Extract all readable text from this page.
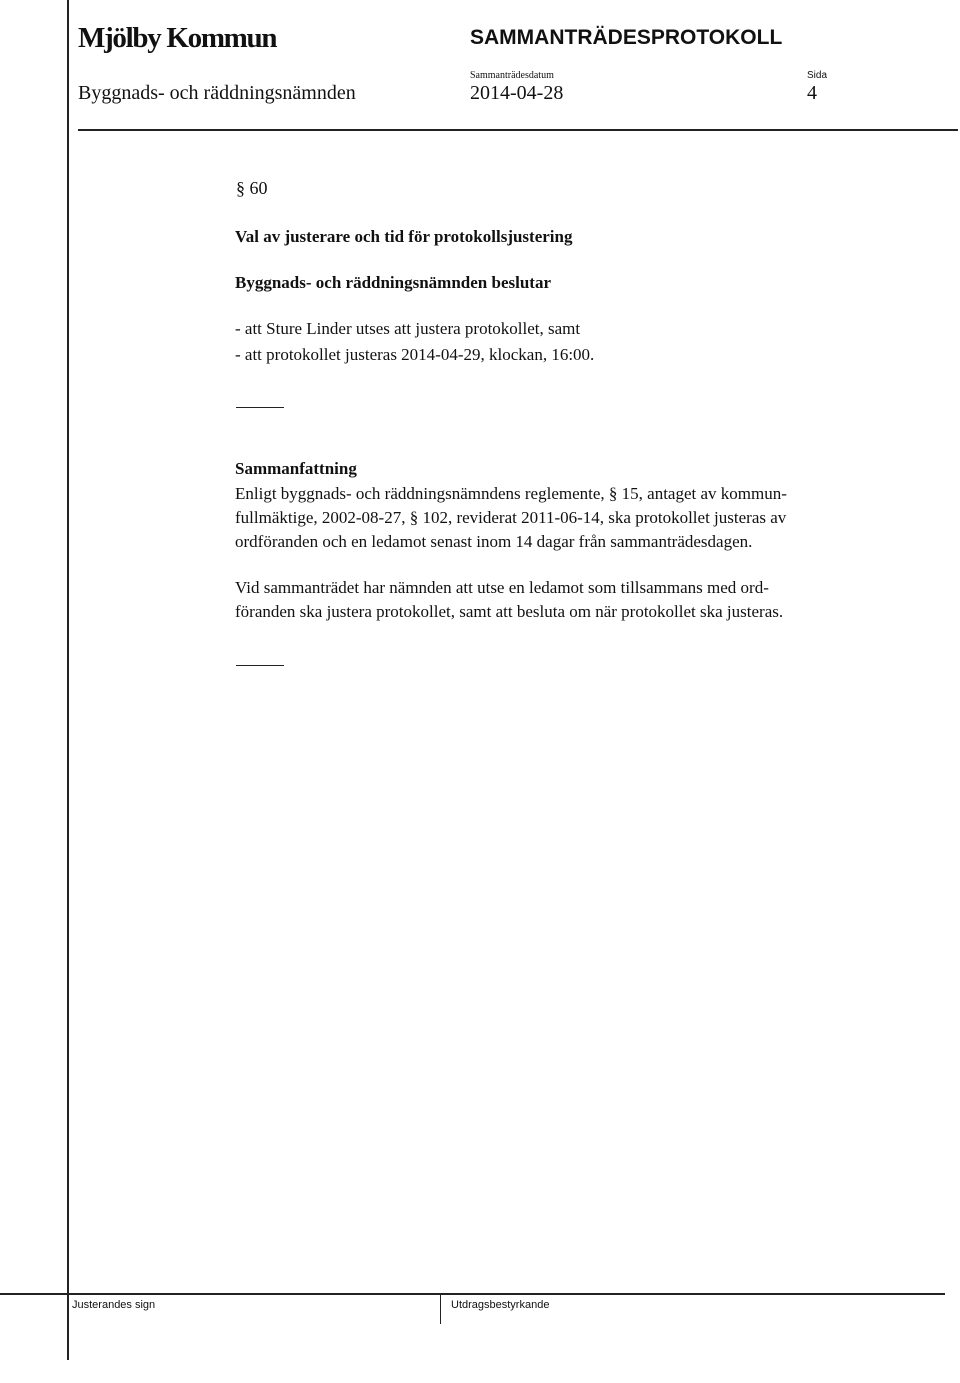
Mjölby Kommun	SAMMANTRÄDESPROTOKOLL
Sammanträdesdatum	Sida
Byggnads- och räddningsnämnden	2014-04-28	4
§ 60
Val av justerare och tid för protokollsjustering
Byggnads- och räddningsnämnden beslutar
- att Sture Linder utses att justera protokollet, samt
- att protokollet justeras 2014-04-29, klockan, 16:00.
Sammanfattning
Enligt byggnads- och räddningsnämndens reglemente, § 15, antaget av kommun-
fullmäktige, 2002-08-27, § 102, reviderat 2011-06-14, ska protokollet justeras av
ordföranden och en ledamot senast inom 14 dagar från sammanträdesdagen.
Vid sammanträdet har nämnden att utse en ledamot som tillsammans med ord-
föranden ska justera protokollet, samt att besluta om när protokollet ska justeras.
Justerandes sign	Utdragsbestyrkande
